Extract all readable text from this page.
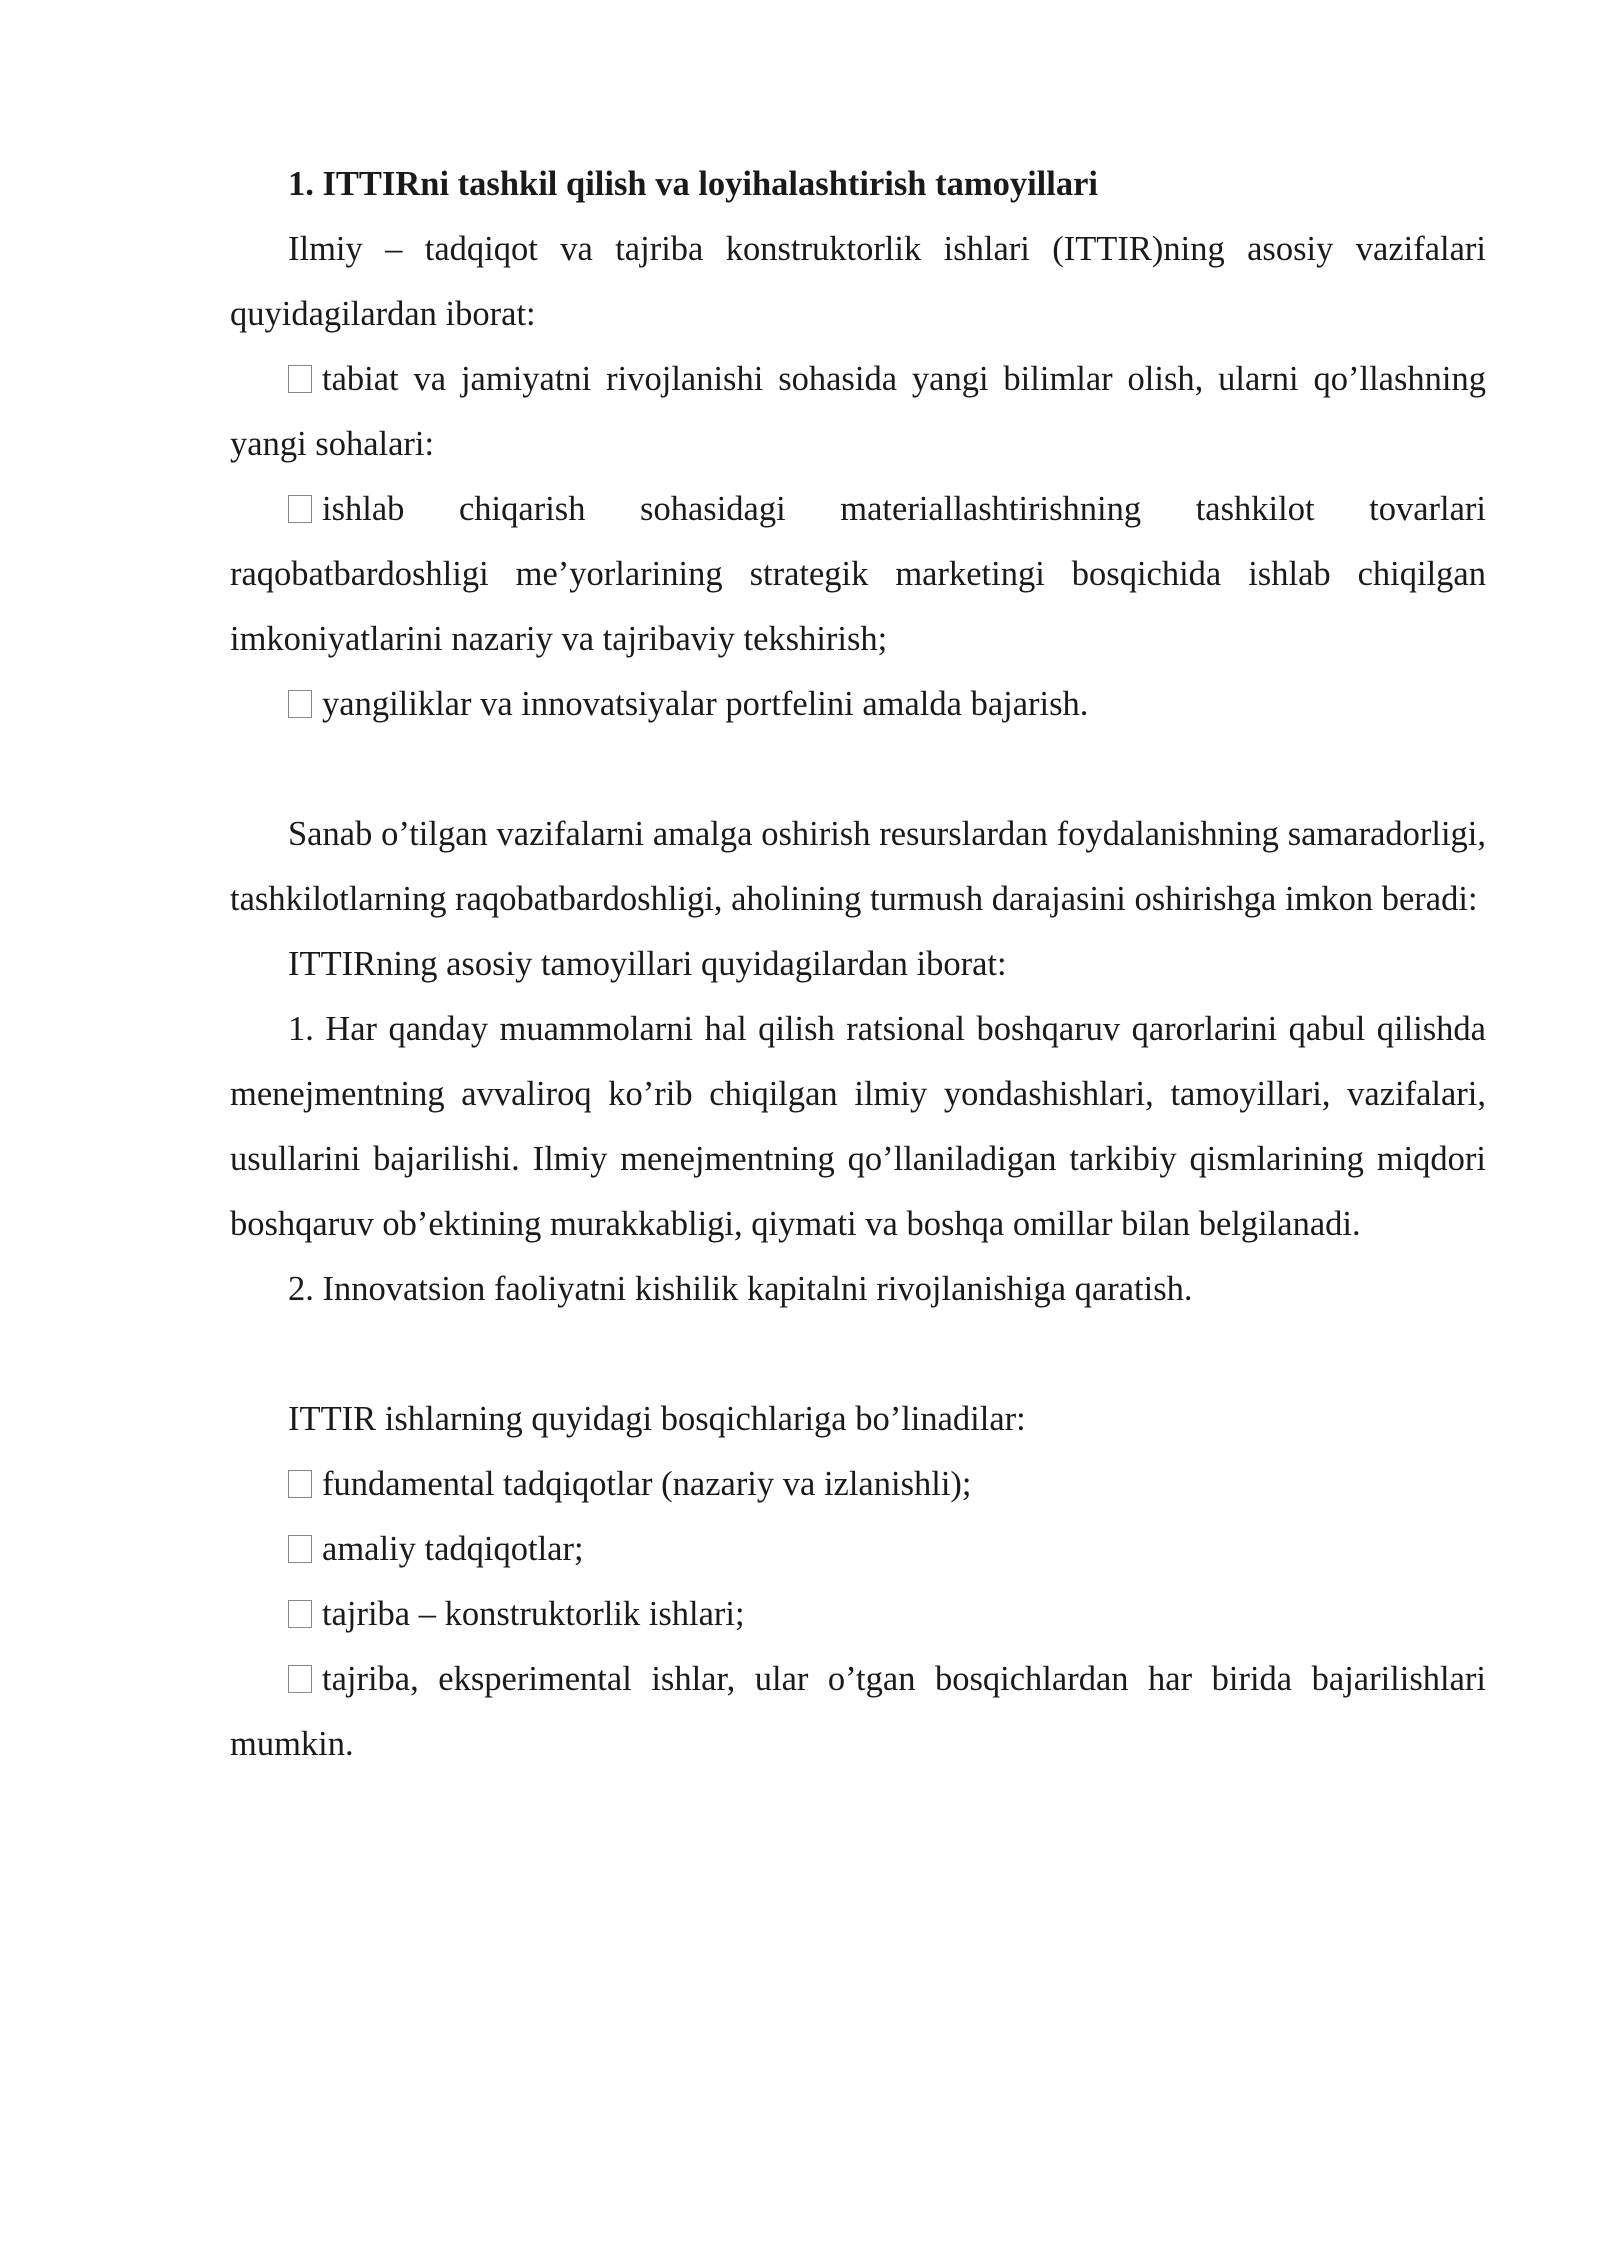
1. ITTIRni tashkil qilish va loyihalashtirish tamoyillari

Ilmiy – tadqiqot va tajriba konstruktorlik ishlari (ITTIR)ning asosiy vazifalari quyidagilardan iborat:

tabiat va jamiyatni rivojlanishi sohasida yangi bilimlar olish, ularni qo’llashning yangi sohalari:

ishlab chiqarish sohasidagi materiallashtirishning tashkilot tovarlari raqobatbardoshligi me’yorlarining strategik marketingi bosqichida ishlab chiqilgan imkoniyatlarini nazariy va tajribaviy tekshirish;

yangiliklar va innovatsiyalar portfelini amalda bajarish.

Sanab o’tilgan vazifalarni amalga oshirish resurslardan foydalanishning samaradorligi, tashkilotlarning raqobatbardoshligi, aholining turmush darajasini oshirishga imkon beradi:

ITTIRning asosiy tamoyillari quyidagilardan iborat:

1. Har qanday muammolarni hal qilish ratsional boshqaruv qarorlarini qabul qilishda menejmentning avvaliroq ko’rib chiqilgan ilmiy yondashishlari, tamoyillari, vazifalari, usullarini bajarilishi. Ilmiy menejmentning qo’llaniladigan tarkibiy qismlarining miqdori boshqaruv ob’ektining murakkabligi, qiymati va boshqa omillar bilan belgilanadi.

2. Innovatsion faoliyatni kishilik kapitalni rivojlanishiga qaratish.

ITTIR ishlarning quyidagi bosqichlariga bo’linadilar:

fundamental tadqiqotlar (nazariy va izlanishli);

amaliy tadqiqotlar;

tajriba – konstruktorlik ishlari;

tajriba, eksperimental ishlar, ular o’tgan bosqichlardan har birida bajarilishlari mumkin.
